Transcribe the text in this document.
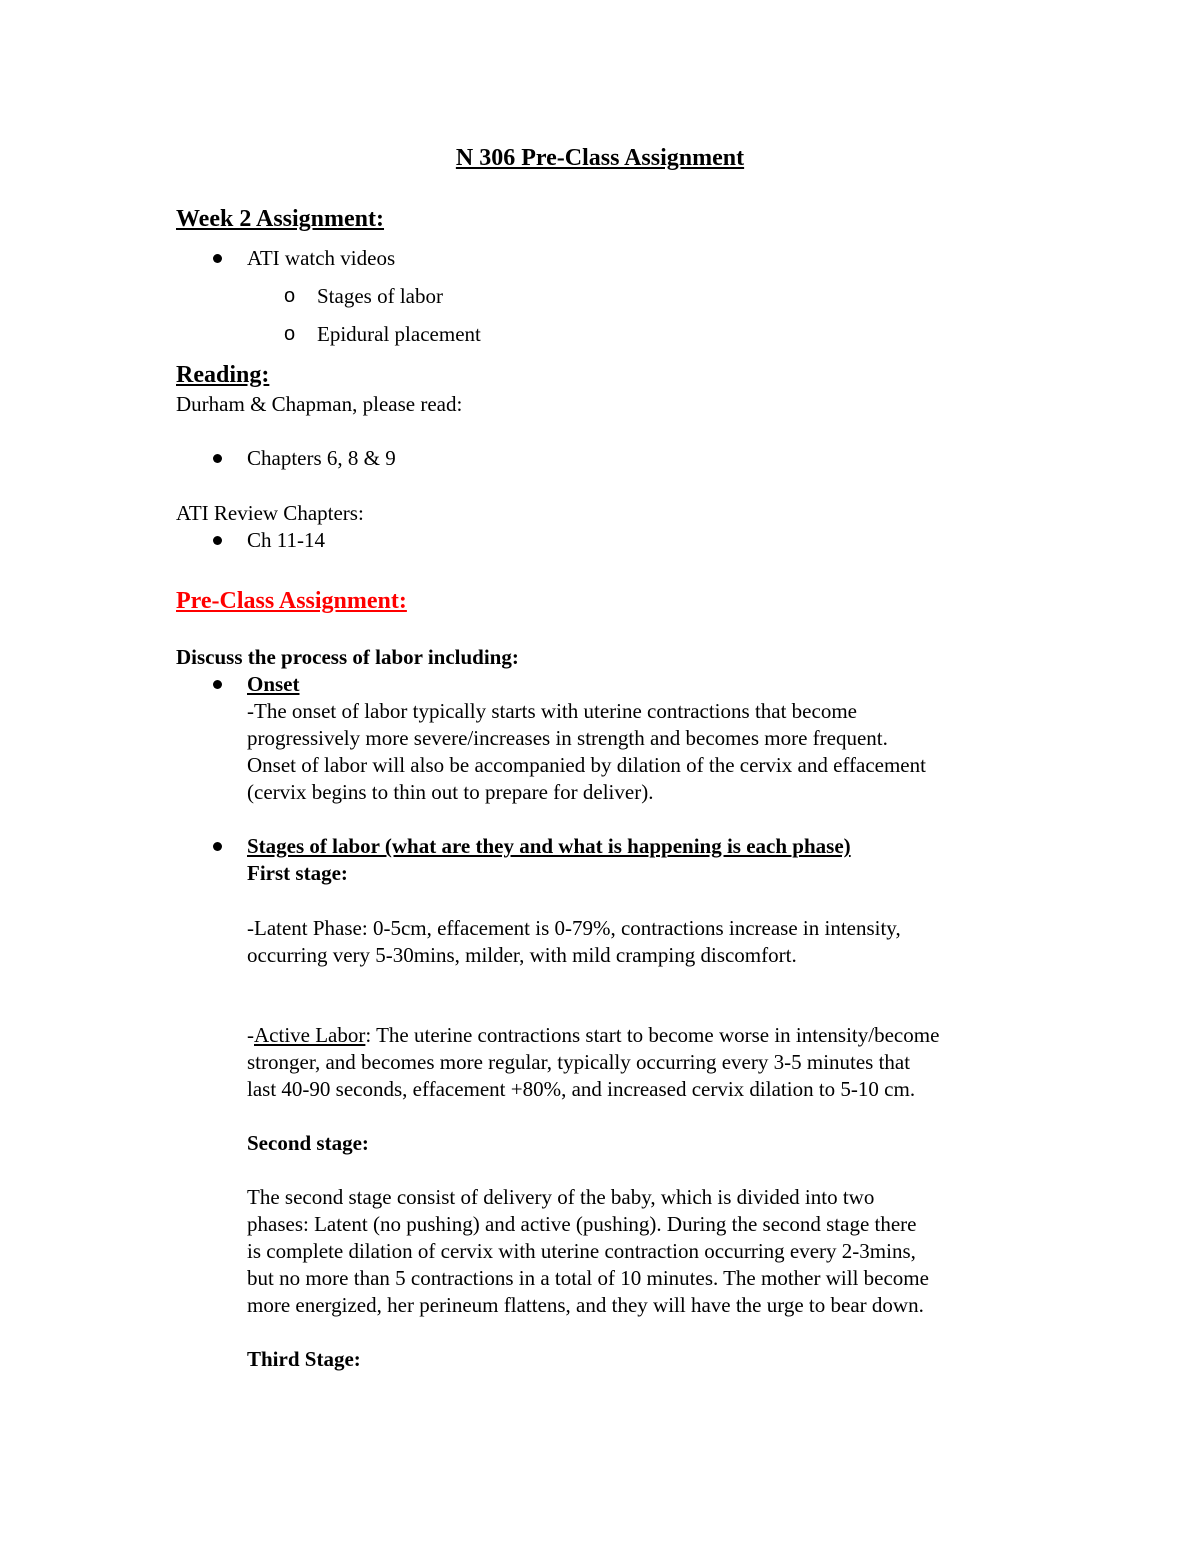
N 306 Pre-Class Assignment
Week 2 Assignment:
ATI watch videos
o Stages of labor
o Epidural placement
Reading:
Durham & Chapman, please read:
Chapters 6, 8 & 9
ATI Review Chapters:
Ch 11-14
Pre-Class Assignment:
Discuss the process of labor including:
Onset
-The onset of labor typically starts with uterine contractions that become
progressively more severe/increases in strength and becomes more frequent.
Onset of labor will also be accompanied by dilation of the cervix and effacement
(cervix begins to thin out to prepare for deliver).
Stages of labor (what are they and what is happening is each phase)
First stage:
-Latent Phase: 0-5cm, effacement is 0-79%, contractions increase in intensity,
occurring very 5-30mins, milder, with mild cramping discomfort.
-Active Labor: The uterine contractions start to become worse in intensity/become
stronger, and becomes more regular, typically occurring every 3-5 minutes that
last 40-90 seconds, effacement +80%, and increased cervix dilation to 5-10 cm.
Second stage:
The second stage consist of delivery of the baby, which is divided into two
phases: Latent (no pushing) and active (pushing). During the second stage there
is complete dilation of cervix with uterine contraction occurring every 2-3mins,
but no more than 5 contractions in a total of 10 minutes. The mother will become
more energized, her perineum flattens, and they will have the urge to bear down.
Third Stage:
